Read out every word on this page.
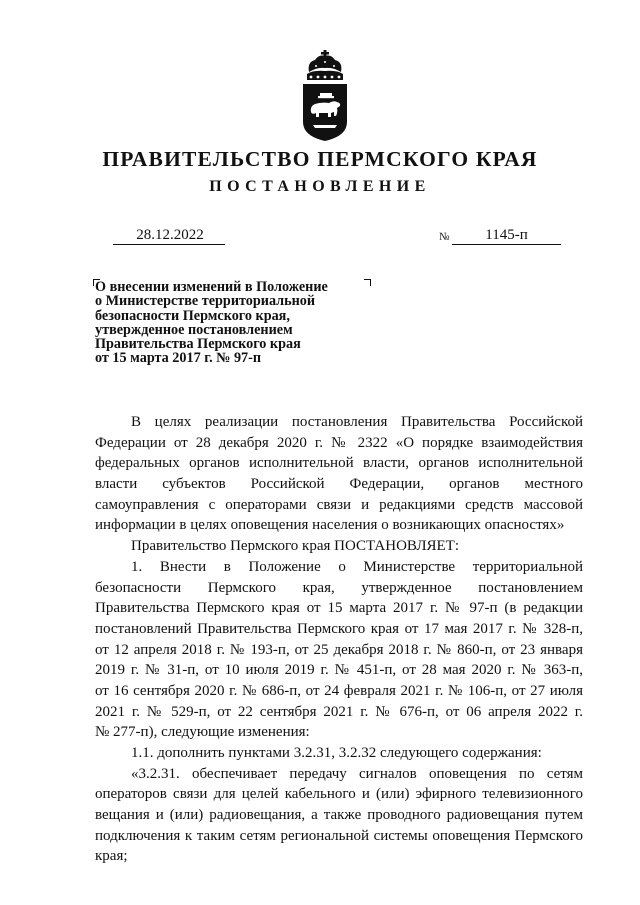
ПРАВИТЕЛЬСТВО ПЕРМСКОГО КРАЯ
ПОСТАНОВЛЕНИЕ
28.12.2022	№	1145-п
О внесении изменений в Положение
о Министерстве территориальной
безопасности Пермского края,
утвержденное постановлением
Правительства Пермского края
от 15 марта 2017 г. № 97-п
В целях реализации постановления Правительства Российской
Федерации от 28 декабря 2020 г. № 2322 «О порядке взаимодействия
федеральных органов исполнительной власти, органов исполнительной
власти субъектов Российской Федерации, органов местного
самоуправления с операторами связи и редакциями средств массовой
информации в целях оповещения населения о возникающих опасностях»
Правительство Пермского края ПОСТАНОВЛЯЕТ:
1. Внести в Положение о Министерстве территориальной
безопасности Пермского края, утвержденное постановлением
Правительства Пермского края от 15 марта 2017 г. № 97-п (в редакции
постановлений Правительства Пермского края от 17 мая 2017 г. № 328-п,
от 12 апреля 2018 г. № 193-п, от 25 декабря 2018 г. № 860-п, от 23 января
2019 г. № 31-п, от 10 июля 2019 г. № 451-п, от 28 мая 2020 г. № 363-п,
от 16 сентября 2020 г. № 686-п, от 24 февраля 2021 г. № 106-п, от 27 июля
2021 г. № 529-п, от 22 сентября 2021 г. № 676-п, от 06 апреля 2022 г.
№ 277-п), следующие изменения:
1.1. дополнить пунктами 3.2.31, 3.2.32 следующего содержания:
«3.2.31. обеспечивает передачу сигналов оповещения по сетям
операторов связи для целей кабельного и (или) эфирного телевизионного
вещания и (или) радиовещания, а также проводного радиовещания путем
подключения к таким сетям региональной системы оповещения Пермского
края;
